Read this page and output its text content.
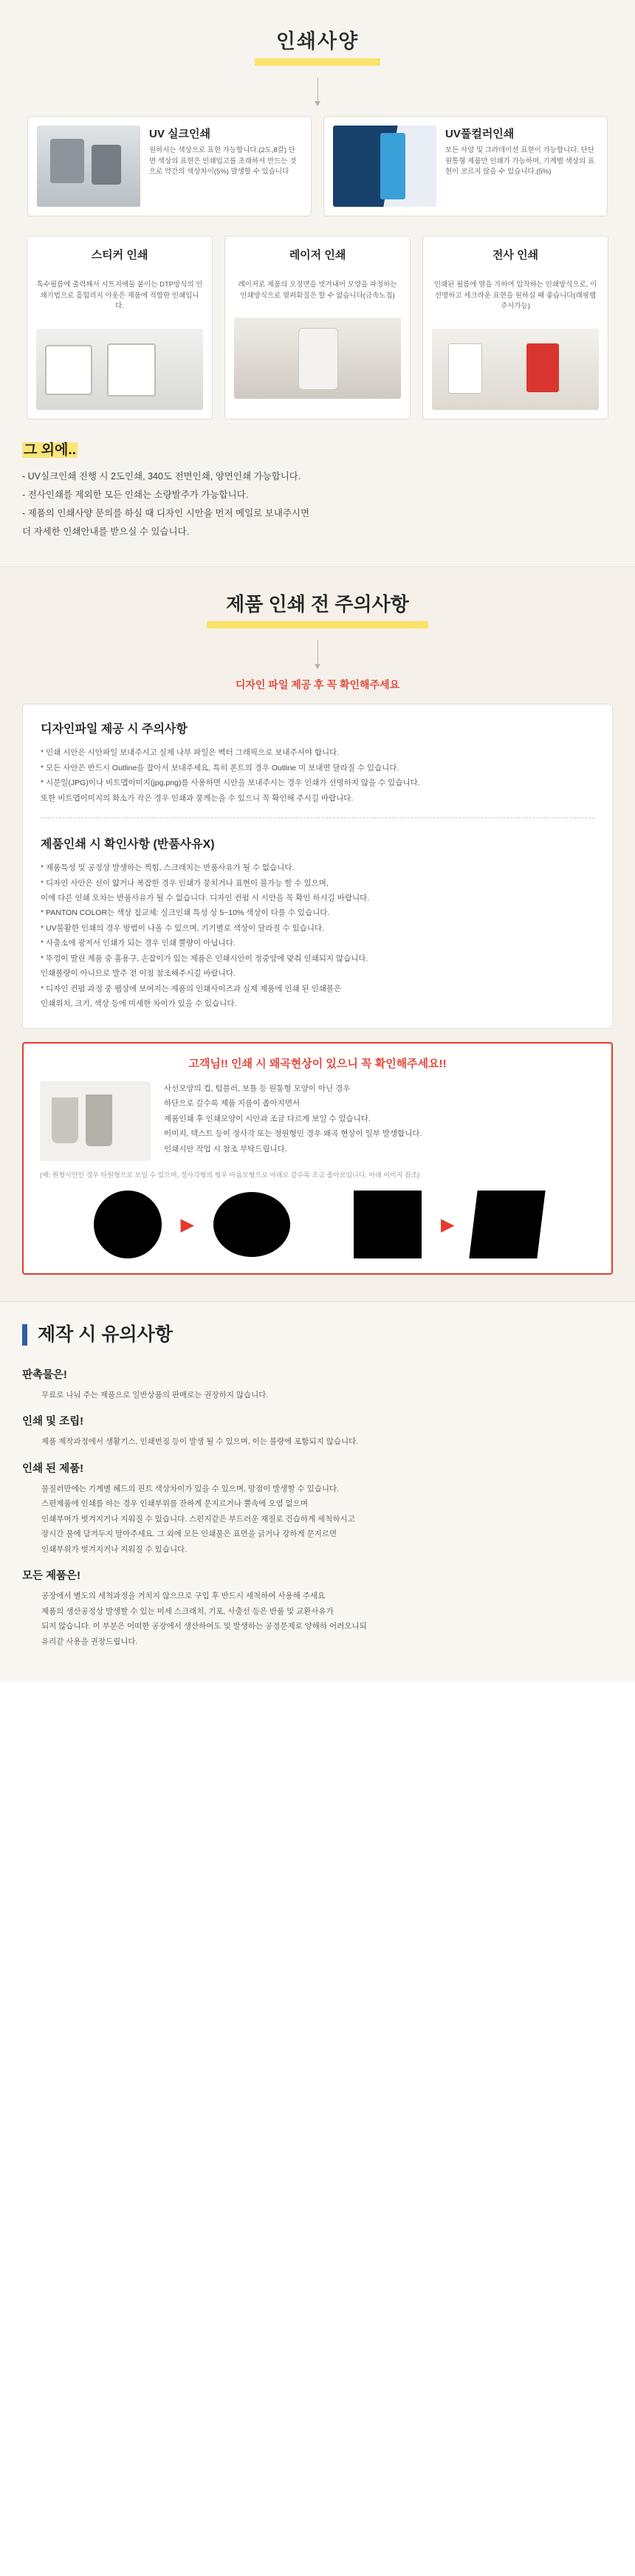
인쇄사양
UV 실크인쇄
원하시는 색상으로 표현 가능합니다.(2도,8칼) 단면 색상의 표현은 인쇄입고를 초래하셔 만드는 것으로 약간의 색상차이(5%) 발생할 수 있습니다
UV풀컬러인쇄
모든 사양 및 그라데이션 표현이 가능합니다. 단단 원통형 제품만 인쇄가 가능하며, 기계별 색상의 표현이 코르지 않을 수 있습니다.(5%)
스티커 인쇄
톡수필름에 출력해서 시트지에둘 붙이는 DTP방식의 인쇄기법으로 흩힘리지 아웃은 제품에 적합한 인쇄입니다.
레이저 인쇄
레이저로 제품의 오징면을 벗겨내어 모양을 파정하는 인쇄방식으로 열퍼화질은 할 수 없습니다(금속노칩)
전사 인쇄
인쇄된 필름에 열을 가하여 압착하는 인쇄방식으로, 이 선명하고 세크라운 표현을 원하실 때 좋습니다(래핑랩주시가능)
그 외에..
- UV실크인쇄 진행 시 2도인쇄, 340도 전면인쇄, 양면인쇄 가능합니다.
- 전사인쇄를 제외한 모든 인쇄는 소량발주가 가능합니다.
- 제품의 인쇄사양 문의를 하실 때 디자인 시안을 먼저 메일로 보내주시면
더 자세한 인쇄안내를 받으실 수 있습니다.
제품 인쇄 전 주의사항
디자인 파일 제공 후 꼭 확인해주세요
디자인파일 제공 시 주의사항
* 인쇄 시안은 시안파일 보내주시고 실제 나부 파일은 벡터 그래픽으로 보내주셔야 합니다.
* 모든 사안은 반드시 Outline을 잡아서 보내주세요, 특히 폰트의 경우 Outline 미 보내면 달라질 수 있습니다.
* 시문일(JPG)이나 비트맵이미지(jpg,png)를 사용하면 시안을 보내주시는 경우 인쇄가 선명하지 않을 수 있습니다.
또한 비트맵이미지의 화소가 작은 경우 인쇄과 뭉게는을 수 있으니 꼭 확인해 주시길 바랍니다.
제품인쇄 시 확인사항 (반품사유X)
* 제품특성 및 공정상 발생하는 찍힘, 스크래치는 반품사유가 될 수 없습니다.
* 디자인 사안은 선이 얇거나 복잡한 경우 인쇄가 뭉치거나 표현이 불가능 할 수 있으며,
이에 다른 인쇄 오차는 반품사유가 될 수 없습니다. 디자인 컨펌 시 시안을 꼭 확인 하시길 바랍니다.
* PANTON COLOR는 색상 칩교체: 실크인쇄 특성 상 5~10% 색상이 다를 수 있습니다.
* UV불활한 인쇄의 경우 방범이 나올 수 있으며, 기기별로 색상이 달라질 수 있습니다.
* 사출소에 광저서 인쇄가 되는 경우 인쇄 뿔량이 아닙니다.
* 뚜껑이 딸린 제품 중 홈용구, 손잡이가 있는 제품은 인쇄시안이 정중앙에 맞춰 인쇄되지 않습니다.
인쇄볼량이 아니므로 발주 전 이점 참조해주시길 바랍니다.
* 디자인 컨펌 과정 중 웹상에 보여지는 제품의 인쇄사이즈과 실제 제품에 인쇄 된 인쇄볼은
인쇄위치, 크기, 색상 등에 미세한 차이가 있을 수 있습니다.
고객님!! 인쇄 시 왜곡현상이 있으니 꼭 확인해주세요!!
사선모양의 컵, 텀블러, 보틀 등 원통형 모양이 아닌 경우
하단으로 갈수록 제품 지름이 좁아지면서
제품인쇄 후 인쇄모양이 시안과 조금 다르게 보일 수 있습니다.
이미지, 텍스트 등이 정사각 또는 정원형인 경우 왜곡 현상이 일부 발생합니다.
인쇄시안 작업 시 참조 부탁드립니다.
(예: 원형시안인 경우 타원형으로 보일 수 있으며, 정사각형의 형우 마름모형으로 아래로 갈수록 조금 좁아보입니다. 아래 이미지 참조)
▶	▶
제작 시 유의사항
판촉물은!
무료로 나눠 주는 제품으로 일반상품의 판매로는 권장하지 않습니다.
인쇄 및 조립!
제품 제작과정에서 생활기스, 인쇄번짐 등이 발생 될 수 있으며, 이는 불량에 포함되지 않습니다.
인쇄 된 제품!
물질러만에는 기계별 헤드의 핀트 색상차이가 있을 수 있으며, 망점이 발생할 수 있습니다.
스편제품에 인쇄를 하는 경우 인쇄부위를 잔하게 문지르거나 뿔속에 오염 없으며
인쇄부머가 벗겨지거나 지워질 수 있습니다. 스펀지같은 부드러운 재질로 건습하게 세척하시고
장시간 물에 담겨두지 말아주세요. 그 외에 모든 인쇄물은 표면을 긁거나 강하게 문지르면
인쇄부위가 벗겨지거나 지워질 수 있습니다.
모든 제품은!
공장에서 별도의 세척과정을 거치지 않으므로 구입 후 반드시 세척하여 사용해 주세요
제품의 생산공정상 발생할 수 있는 미세 스크래치, 기포, 사출선 등은 반품 및 교환사유가
되지 않습니다. 이 부분은 어떠한 공장에서 생산하여도 및 발생하는 공정문제로 양해하 어려오니되
유리같 사용을 권장드립니다.
